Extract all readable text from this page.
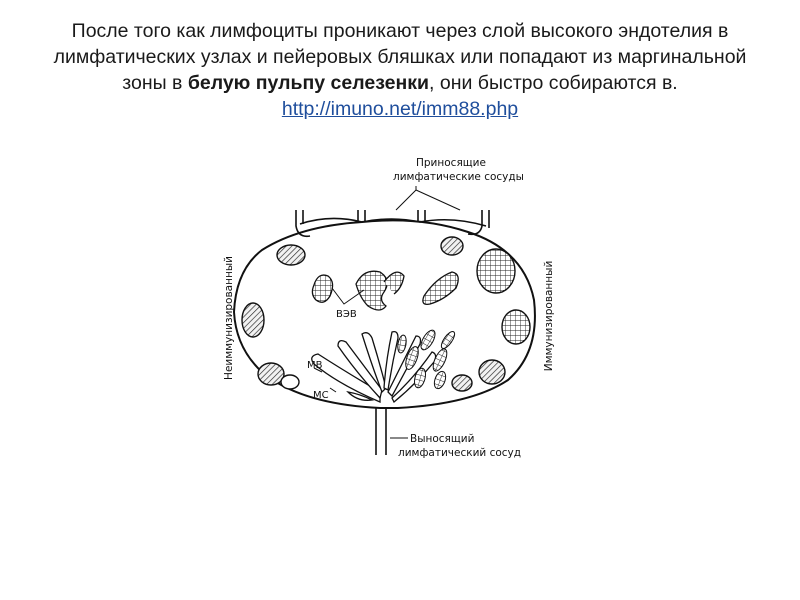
После того как лимфоциты проникают через слой высокого эндотелия в лимфатических узлах и пейеровых бляшках или попадают из маргинальной зоны в белую пульпу селезенки, они быстро собираются в. http://imuno.net/imm88.php
Приносящие
лимфатические сосуды
Неиммунизированный	Иммунизированный
ВЭВ
МВ
МС
Выносящий
лимфатический сосуд
